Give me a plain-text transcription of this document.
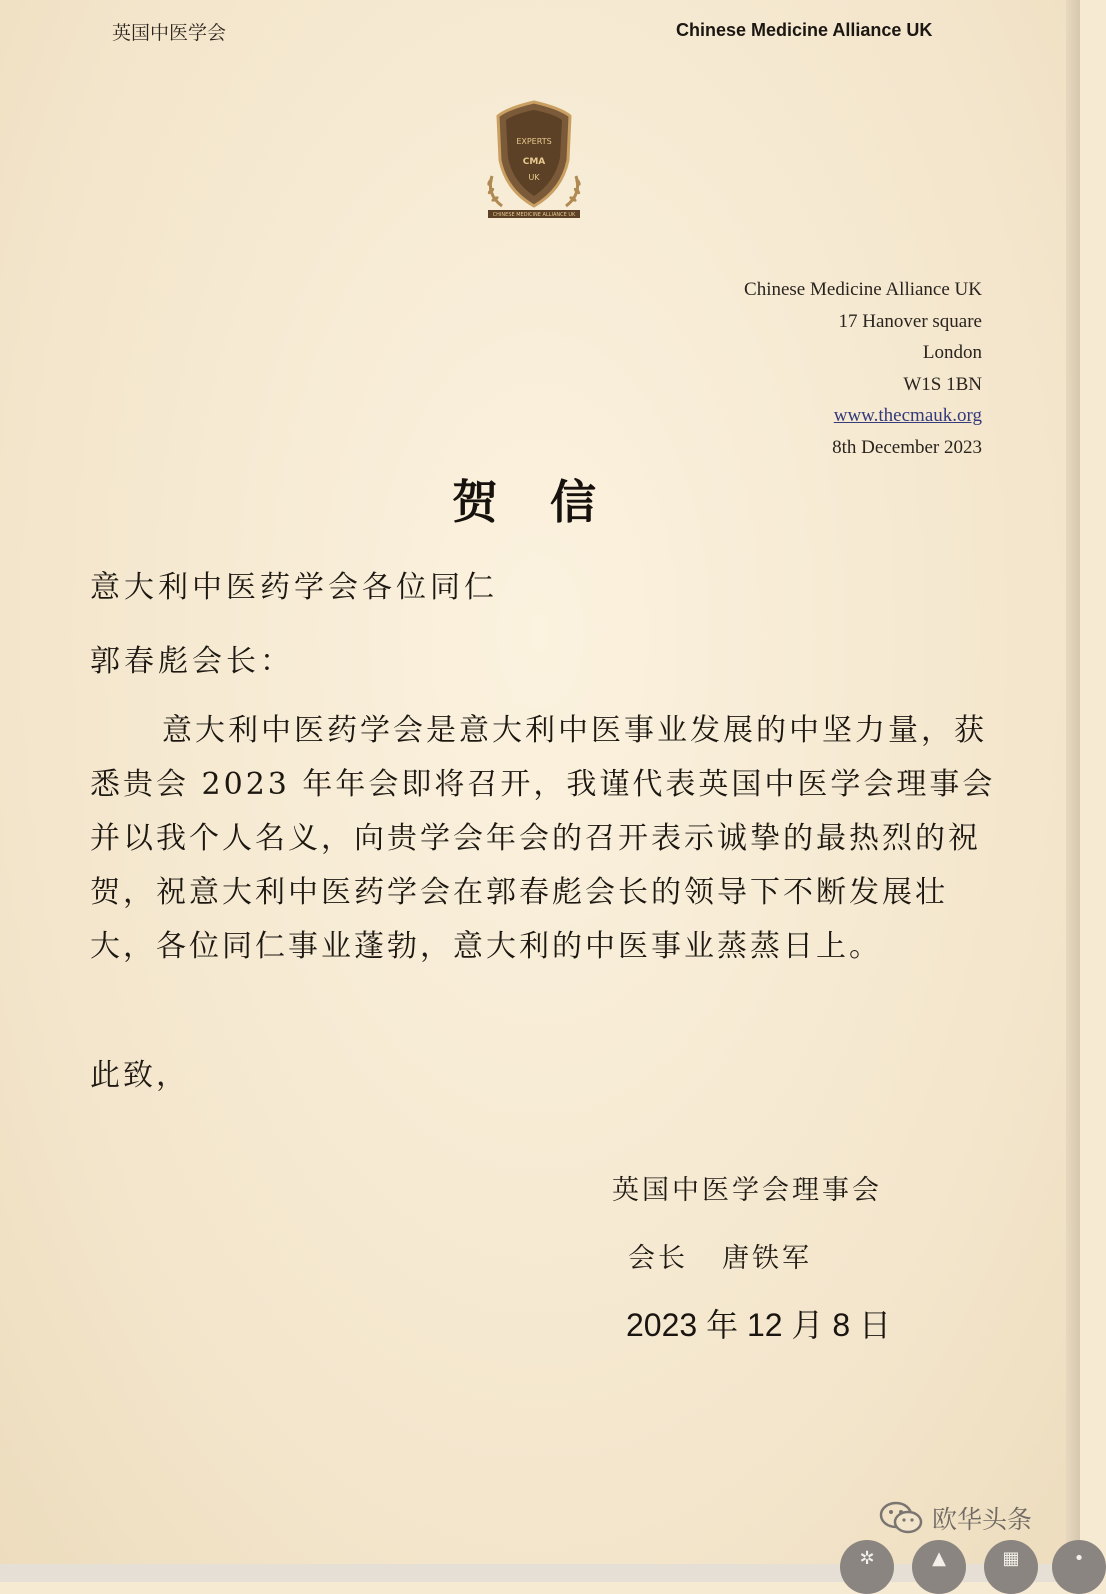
英国中医学会	Chinese Medicine Alliance UK
EXPERTS
CMA
UK
CHINESE MEDICINE ALLIANCE UK
Chinese Medicine Alliance UK
17 Hanover square
London
W1S 1BN
www.thecmauk.org
8th December 2023
贺 信
意大利中医药学会各位同仁
郭春彪会长：

意大利中医药学会是意大利中医事业发展的中坚力量，获悉贵会 2023 年年会即将召开，我谨代表英国中医学会理事会并以我个人名义，向贵学会年会的召开表示诚挚的最热烈的祝贺，祝意大利中医药学会在郭春彪会长的领导下不断发展壮大，各位同仁事业蓬勃，意大利的中医事业蒸蒸日上。

此致，
英国中医学会理事会
会长 唐铁军
2023 年 12 月 8 日
欧华头条
✲	▲	▦	•
